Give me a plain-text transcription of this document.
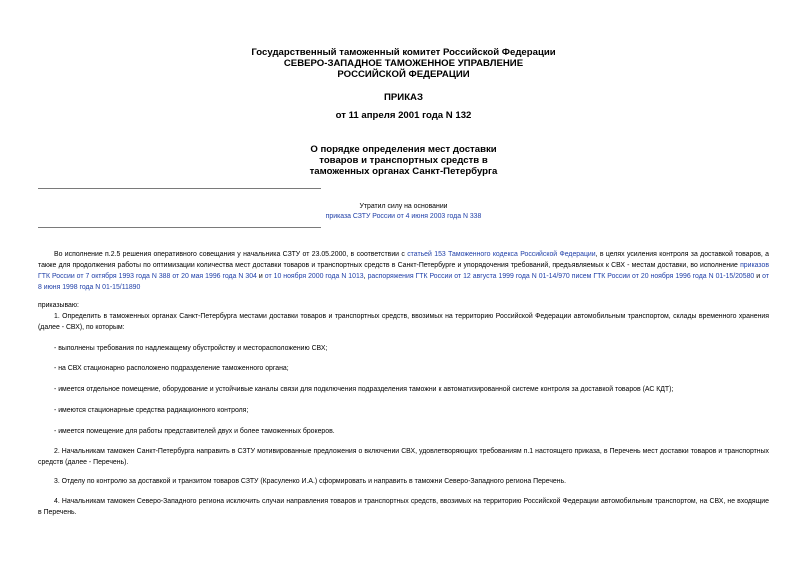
Государственный таможенный комитет Российской Федерации
СЕВЕРО-ЗАПАДНОЕ ТАМОЖЕННОЕ УПРАВЛЕНИЕ
РОССИЙСКОЙ ФЕДЕРАЦИИ
ПРИКАЗ
от 11 апреля 2001 года N 132
О порядке определения мест доставки
товаров и транспортных средств в
таможенных органах Санкт-Петербурга
Утратил силу на основании
приказа СЗТУ России от 4 июня 2003 года N 338
Во исполнение п.2.5 решения оперативного совещания у начальника СЗТУ от 23.05.2000, в соответствии с статьей 153 Таможенного кодекса Российской Федерации, в целях усиления контроля за доставкой товаров, а также для продолжения работы по оптимизации количества мест доставки товаров и транспортных средств в Санкт-Петербурге и упорядочения требований, предъявляемых к СВХ - местам доставки, во исполнение приказов ГТК России от 7 октября 1993 года N 388 от 20 мая 1996 года N 304 и от 10 ноября 2000 года N 1013, распоряжения ГТК России от 12 августа 1999 года N 01-14/970 писем ГТК России от 20 ноября 1996 года N 01-15/20580 и от 8 июня 1998 года N 01-15/11890
приказываю:
1. Определить в таможенных органах Санкт-Петербурга местами доставки товаров и транспортных средств, ввозимых на территорию Российской Федерации автомобильным транспортом, склады временного хранения (далее - СВХ), по которым:
- выполнены требования по надлежащему обустройству и месторасположению СВХ;
- на СВХ стационарно расположено подразделение таможенного органа;
- имеется отдельное помещение, оборудование и устойчивые каналы связи для подключения подразделения таможни к автоматизированной системе контроля за доставкой товаров (АС КДТ);
- имеются стационарные средства радиационного контроля;
- имеется помещение для работы представителей двух и более таможенных брокеров.
2. Начальникам таможен Санкт-Петербурга направить в СЗТУ мотивированные предложения о включении СВХ, удовлетворяющих требованиям п.1 настоящего приказа, в Перечень мест доставки товаров и транспортных средств (далее - Перечень).
3. Отделу по контролю за доставкой и транзитом товаров СЗТУ (Красуленко И.А.) сформировать и направить в таможни Северо-Западного региона Перечень.
4. Начальникам таможен Северо-Западного региона исключить случаи направления товаров и транспортных средств, ввозимых на территорию Российской Федерации автомобильным транспортом, на СВХ, не входящие в Перечень.
